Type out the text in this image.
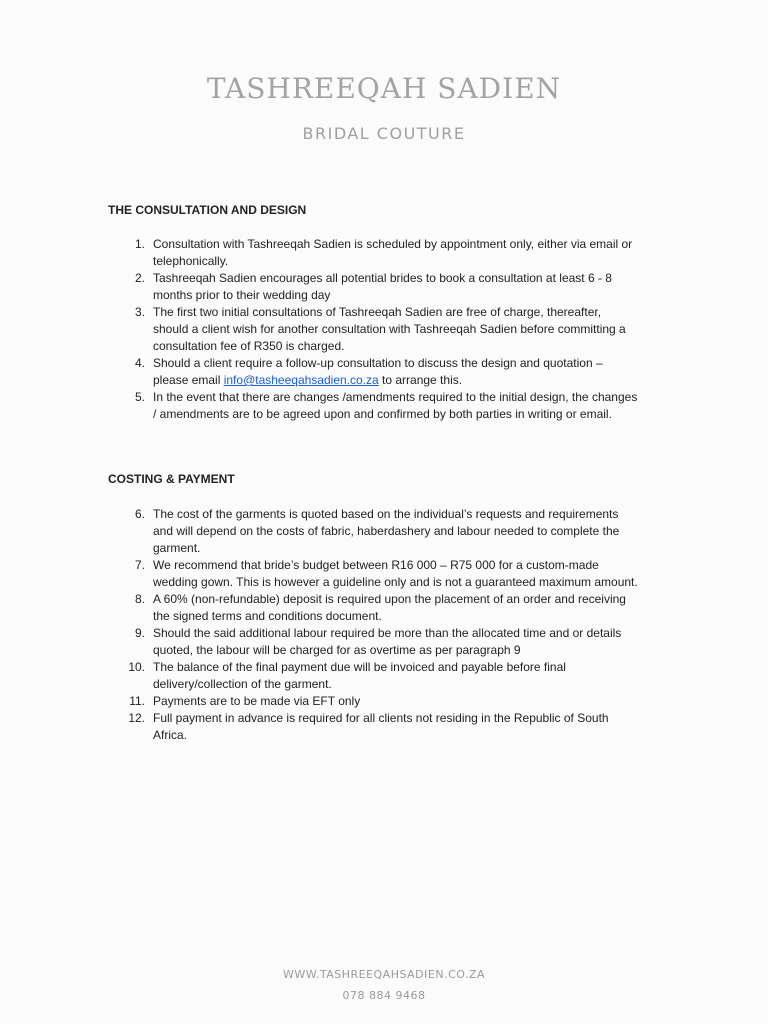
TASHREEQAH SADIEN
BRIDAL COUTURE
THE CONSULTATION AND DESIGN
1. Consultation with Tashreeqah Sadien is scheduled by appointment only, either via email or telephonically.
2. Tashreeqah Sadien encourages all potential brides to book a consultation at least 6 - 8 months prior to their wedding day
3. The first two initial consultations of Tashreeqah Sadien are free of charge, thereafter, should a client wish for another consultation with Tashreeqah Sadien before committing a consultation fee of R350 is charged.
4. Should a client require a follow-up consultation to discuss the design and quotation – please email info@tasheeqahsadien.co.za to arrange this.
5. In the event that there are changes /amendments required to the initial design, the changes / amendments are to be agreed upon and confirmed by both parties in writing or email.
COSTING & PAYMENT
6. The cost of the garments is quoted based on the individual’s requests and requirements and will depend on the costs of fabric, haberdashery and labour needed to complete the garment.
7. We recommend that bride’s budget between R16 000 – R75 000 for a custom-made wedding gown. This is however a guideline only and is not a guaranteed maximum amount.
8. A 60% (non-refundable) deposit is required upon the placement of an order and receiving the signed terms and conditions document.
9. Should the said additional labour required be more than the allocated time and or details quoted, the labour will be charged for as overtime as per paragraph 9
10. The balance of the final payment due will be invoiced and payable before final delivery/collection of the garment.
11. Payments are to be made via EFT only
12. Full payment in advance is required for all clients not residing in the Republic of South Africa.
WWW.TASHREEQAHSADIEN.CO.ZA
078 884 9468
